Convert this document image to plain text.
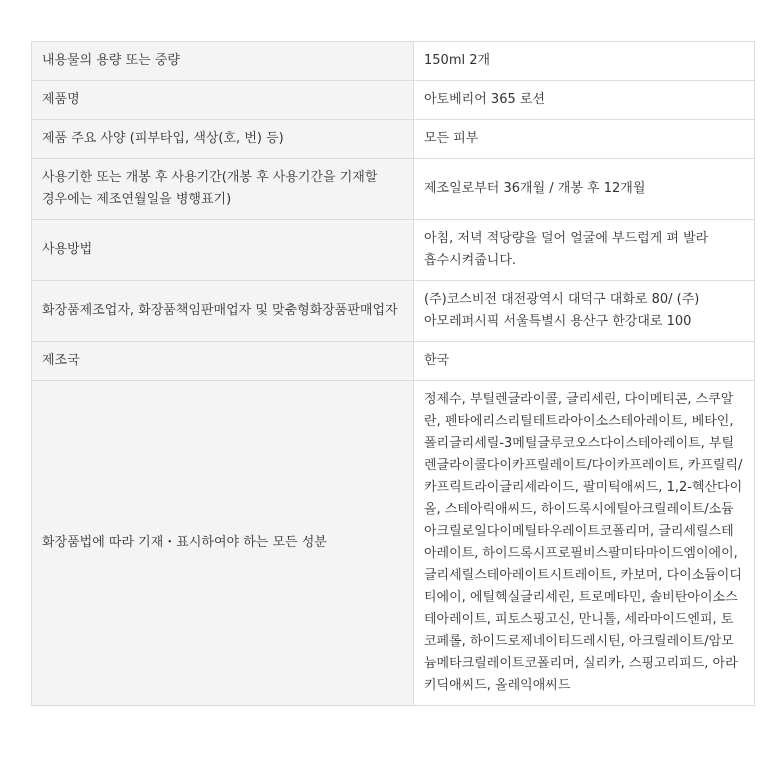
내용물의 용량 또는 중량	150ml 2개
제품명	아토베리어 365 로션
제품 주요 사양 (피부타입, 색상(호, 번) 등)	모든 피부
사용기한 또는 개봉 후 사용기간(개봉 후 사용기간을 기재할 경우에는 제조연월일을 병행표기)	제조일로부터 36개월 / 개봉 후 12개월
사용방법	아침, 저녁 적당량을 덜어 얼굴에 부드럽게 펴 발라 흡수시켜줍니다.
화장품제조업자, 화장품책임판매업자 및 맞춤형화장품판매업자	(주)코스비전 대전광역시 대덕구 대화로 80/ (주)아모레퍼시픽 서울특별시 용산구 한강대로 100
제조국	한국
화장품법에 따라 기재・표시하여야 하는 모든 성분	정제수, 부틸렌글라이콜, 글리세린, 다이메티콘, 스쿠알란, 펜타에리스리틸테트라아이소스테아레이트, 베타인, 폴리글리세릴-3메틸글루코오스다이스테아레이트, 부틸렌글라이콜다이카프릴레이트/다이카프레이트, 카프릴릭/카프릭트라이글리세라이드, 팔미틱애씨드, 1,2-헥산다이올, 스테아릭애씨드, 하이드록시에틸아크릴레이트/소듐아크릴로일다이메틸타우레이트코폴리머, 글리세릴스테아레이트, 하이드록시프로필비스팔미타마이드엠이에이, 글리세릴스테아레이트시트레이트, 카보머, 다이소듐이디티에이, 에틸헥실글리세린, 트로메타민, 솔비탄아이소스테아레이트, 피토스핑고신, 만니톨, 세라마이드엔피, 토코페롤, 하이드로제네이티드레시틴, 아크릴레이트/암모늄메타크릴레이트코폴리머, 실리카, 스핑고리피드, 아라키딕애씨드, 올레익애씨드
